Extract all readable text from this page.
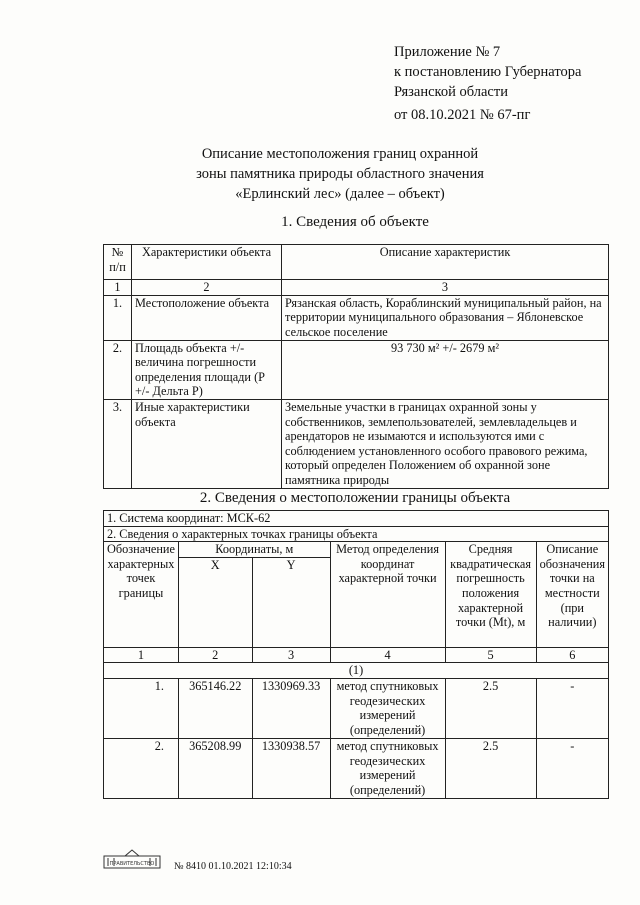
Приложение № 7
к постановлению Губернатора
Рязанской области
от 08.10.2021 № 67-пг
Описание местоположения границ охранной
зоны памятника природы областного значения
«Ерлинский лес» (далее – объект)
1. Сведения об объекте
№ п/п	Характеристики объекта	Описание характеристик
1	2	3
1.	Местоположение объекта	Рязанская область, Кораблинский муниципальный район, на территории муниципального образования – Яблоневское сельское поселение
2.	Площадь объекта +/- величина погрешности определения площади (Р +/- Дельта Р)	93 730 м² +/- 2679 м²
3.	Иные характеристики объекта	Земельные участки в границах охранной зоны у собственников, землепользователей, землевладельцев и арендаторов не изымаются и используются ими с соблюдением установленного особого правового режима, который определен Положением об охранной зоне памятника природы
2. Сведения о местоположении границы объекта
1. Система координат: МСК-62					
2. Сведения о характерных точках границы объекта					
Обозначение характерных точек границы	Координаты, м		Метод определения координат характерной точки	Средняя квадратическая погрешность положения характерной точки (Mt), м	Описание обозначения точки на местности (при наличии)
	X	Y			
1	2	3	4	5	6
(1)					
1.	365146.22	1330969.33	метод спутниковых геодезических измерений (определений)	2.5	-
2.	365208.99	1330938.57	метод спутниковых геодезических измерений (определений)	2.5	-
ПРАВИТЕЛЬСТВО № 8410 01.10.2021 12:10:34
